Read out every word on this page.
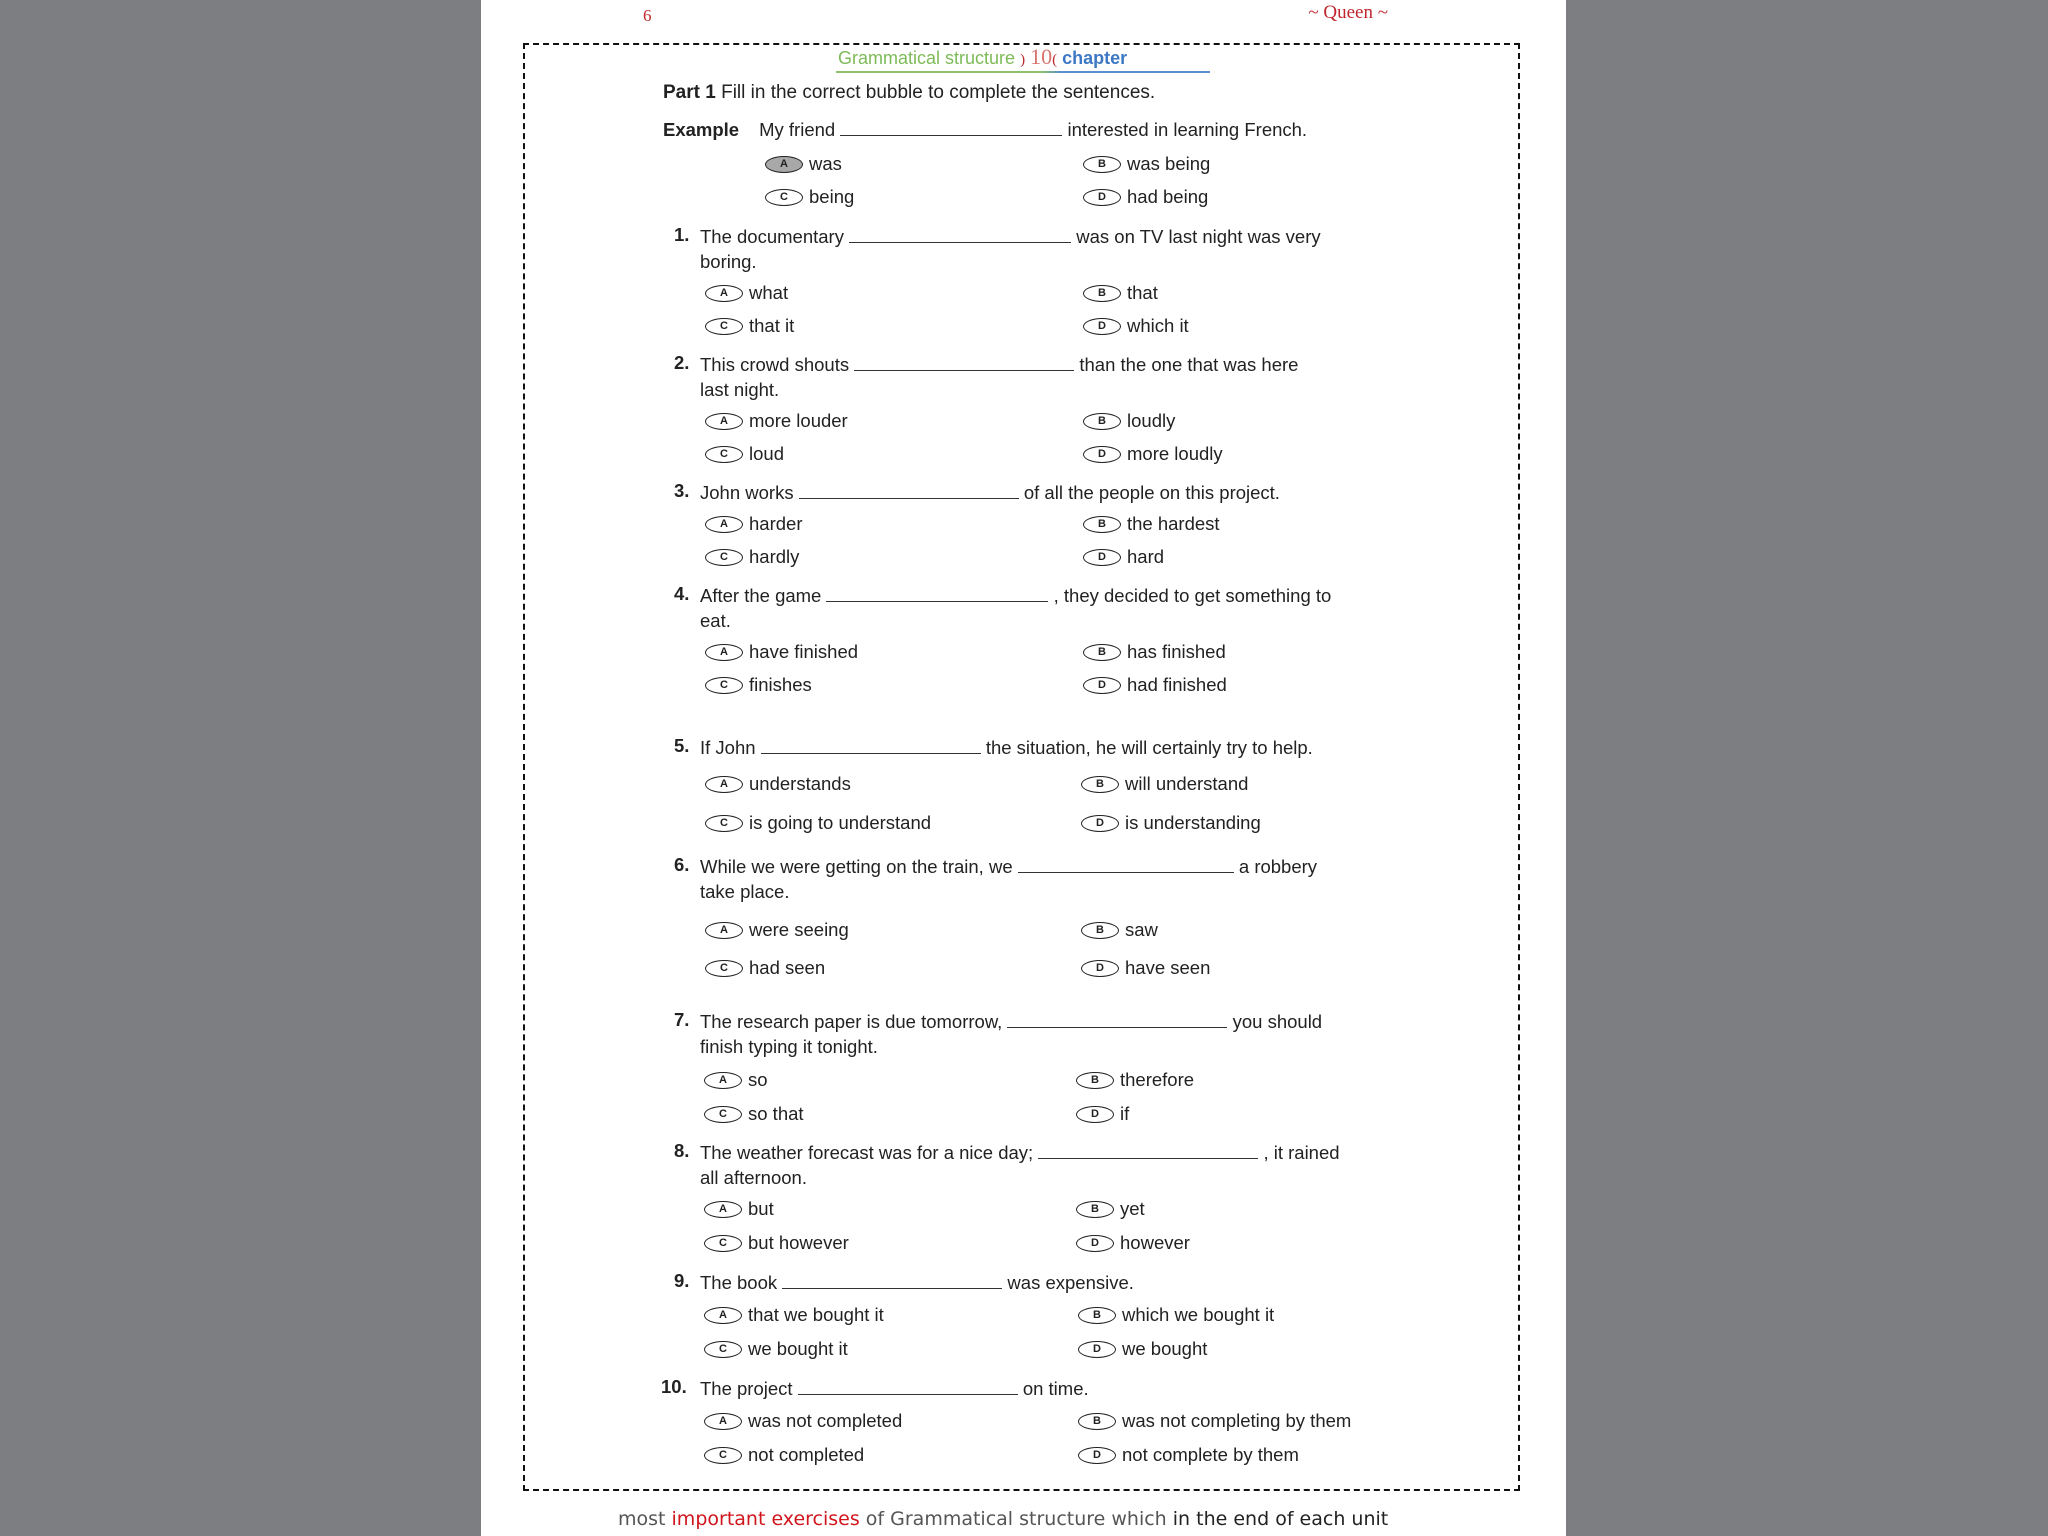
6	~ Queen ~
Grammatical structure ) 10( chapter
Part 1 Fill in the correct bubble to complete the sentences.
Example My friend	interested in learning French.
A	was	B	was being
C	being	D	had being
1. The documentary	was on TV last night was very
boring.
A	what	B	that
C	that it	D	which it
2. This crowd shouts	than the one that was here
last night.
A	more louder	B	loudly
C	loud	D	more loudly
3. John works	of all the people on this project.
A	harder	B	the hardest
C	hardly	D	hard
4. After the game	, they decided to get something to
eat.
A	have finished	B	has finished
C	finishes	D	had finished
5. If John	the situation, he will certainly try to help.
A	understands	B	will understand
C	is going to understand	D	is understanding
6. While we were getting on the train, we	a robbery
take place.
A	were seeing	B	saw
C	had seen	D	have seen
7. The research paper is due tomorrow,	you should
finish typing it tonight.
A	so	B	therefore
C	so that	D	if
8. The weather forecast was for a nice day;	, it rained
all afternoon.
A	but	B	yet
C	but however	D	however
9. The book	was expensive.
A	that we bought it	B	which we bought it
C	we bought it	D	we bought
10. The project	on time.
A	was not completed	B	was not completing by them
C	not completed	D	not complete by them
most important exercises of Grammatical structure which in the end of each unit
